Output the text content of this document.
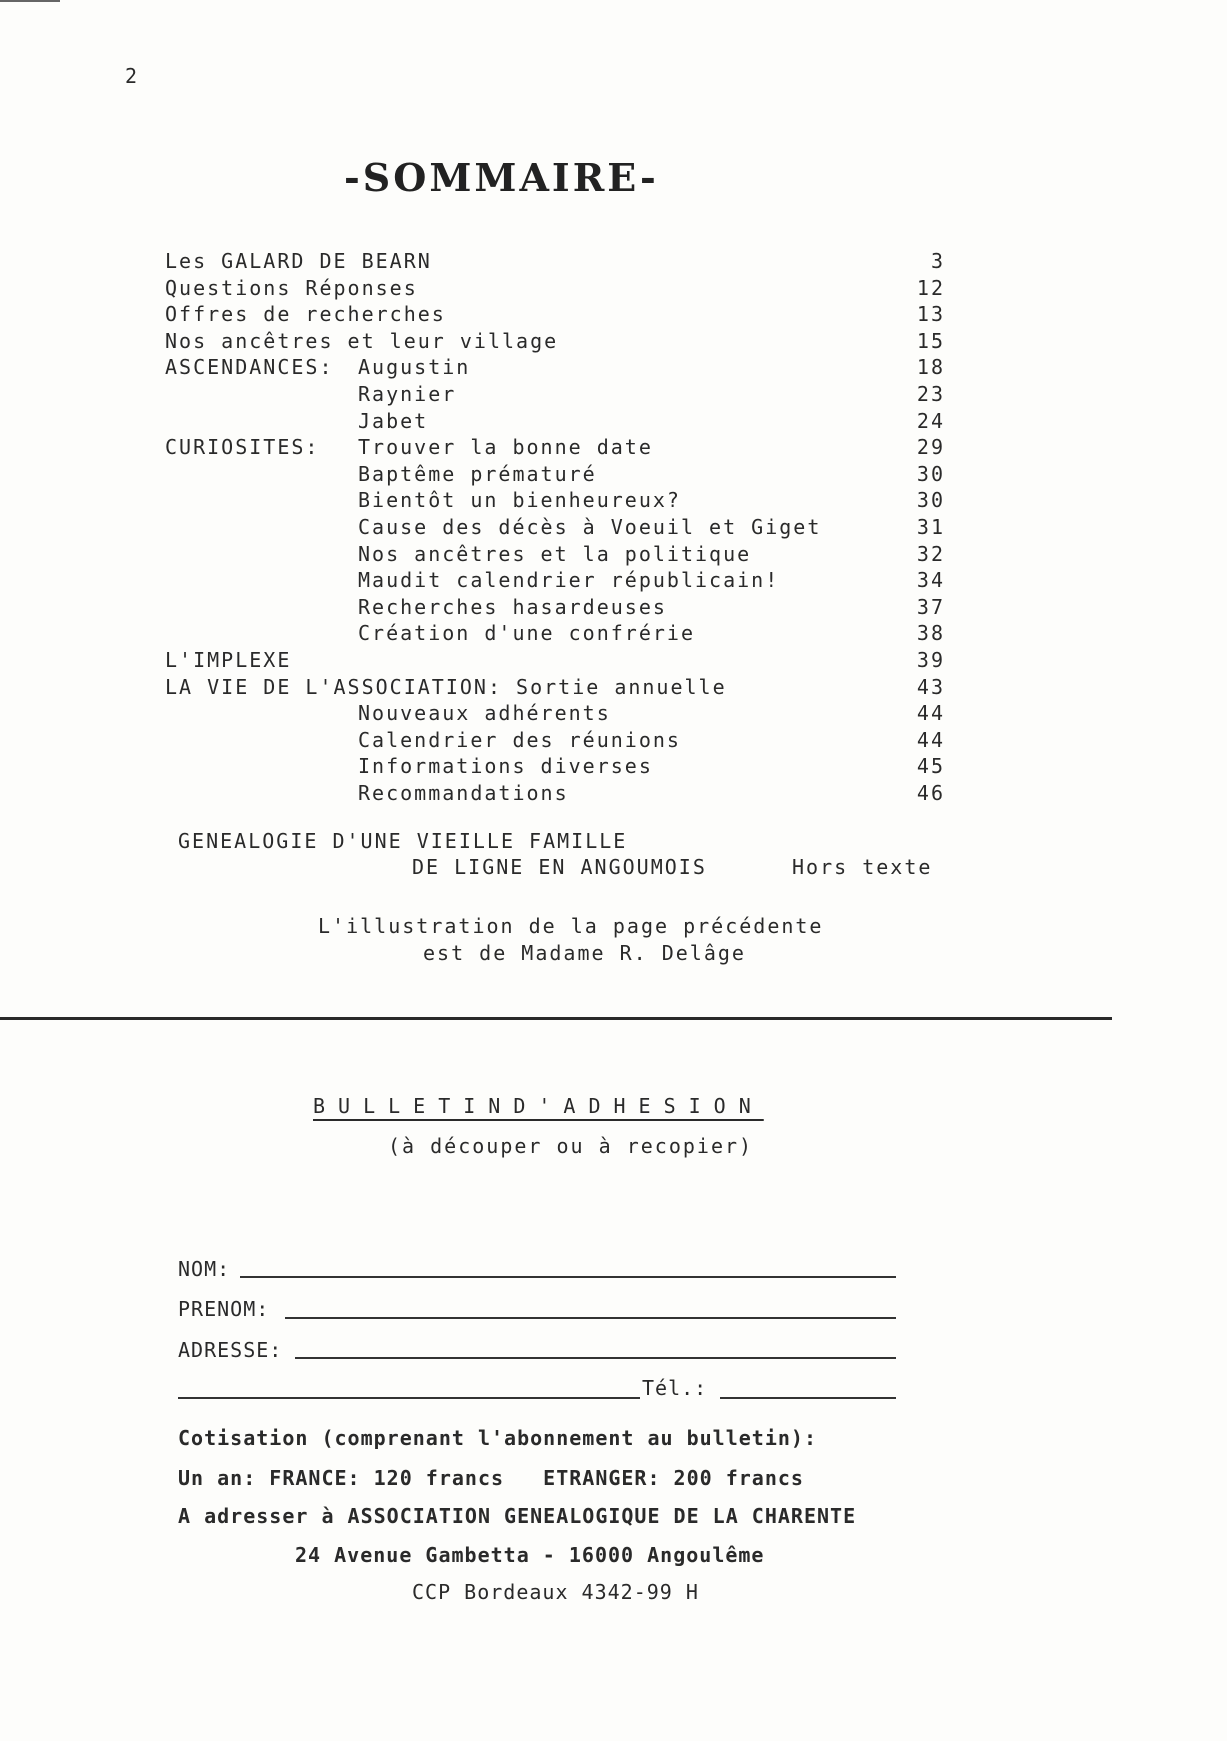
2
-SOMMAIRE-
Les GALARD DE BEARN	3
Questions Réponses	12
Offres de recherches	13
Nos ancêtres et leur village	15
ASCENDANCES: Augustin	18
Raynier	23
Jabet	24
CURIOSITES: Trouver la bonne date	29
Baptême prématuré	30
Bientôt un bienheureux?	30
Cause des décès à Voeuil et Giget	31
Nos ancêtres et la politique	32
Maudit calendrier républicain!	34
Recherches hasardeuses	37
Création d'une confrérie	38
L'IMPLEXE	39
LA VIE DE L'ASSOCIATION: Sortie annuelle	43
Nouveaux adhérents	44
Calendrier des réunions	44
Informations diverses	45
Recommandations	46
GENEALOGIE D'UNE VIEILLE FAMILLE
DE LIGNE EN ANGOUMOIS	Hors texte
L'illustration de la page précédente
est de Madame R. Delâge
BULLETIND'ADHESION
(à découper ou à recopier)
NOM:
PRENOM:
ADRESSE:
Tél.:
Cotisation (comprenant l'abonnement au bulletin):
Un an: FRANCE: 120 francs   ETRANGER: 200 francs
A adresser à ASSOCIATION GENEALOGIQUE DE LA CHARENTE
24 Avenue Gambetta - 16000 Angoulême
CCP Bordeaux 4342-99 H
